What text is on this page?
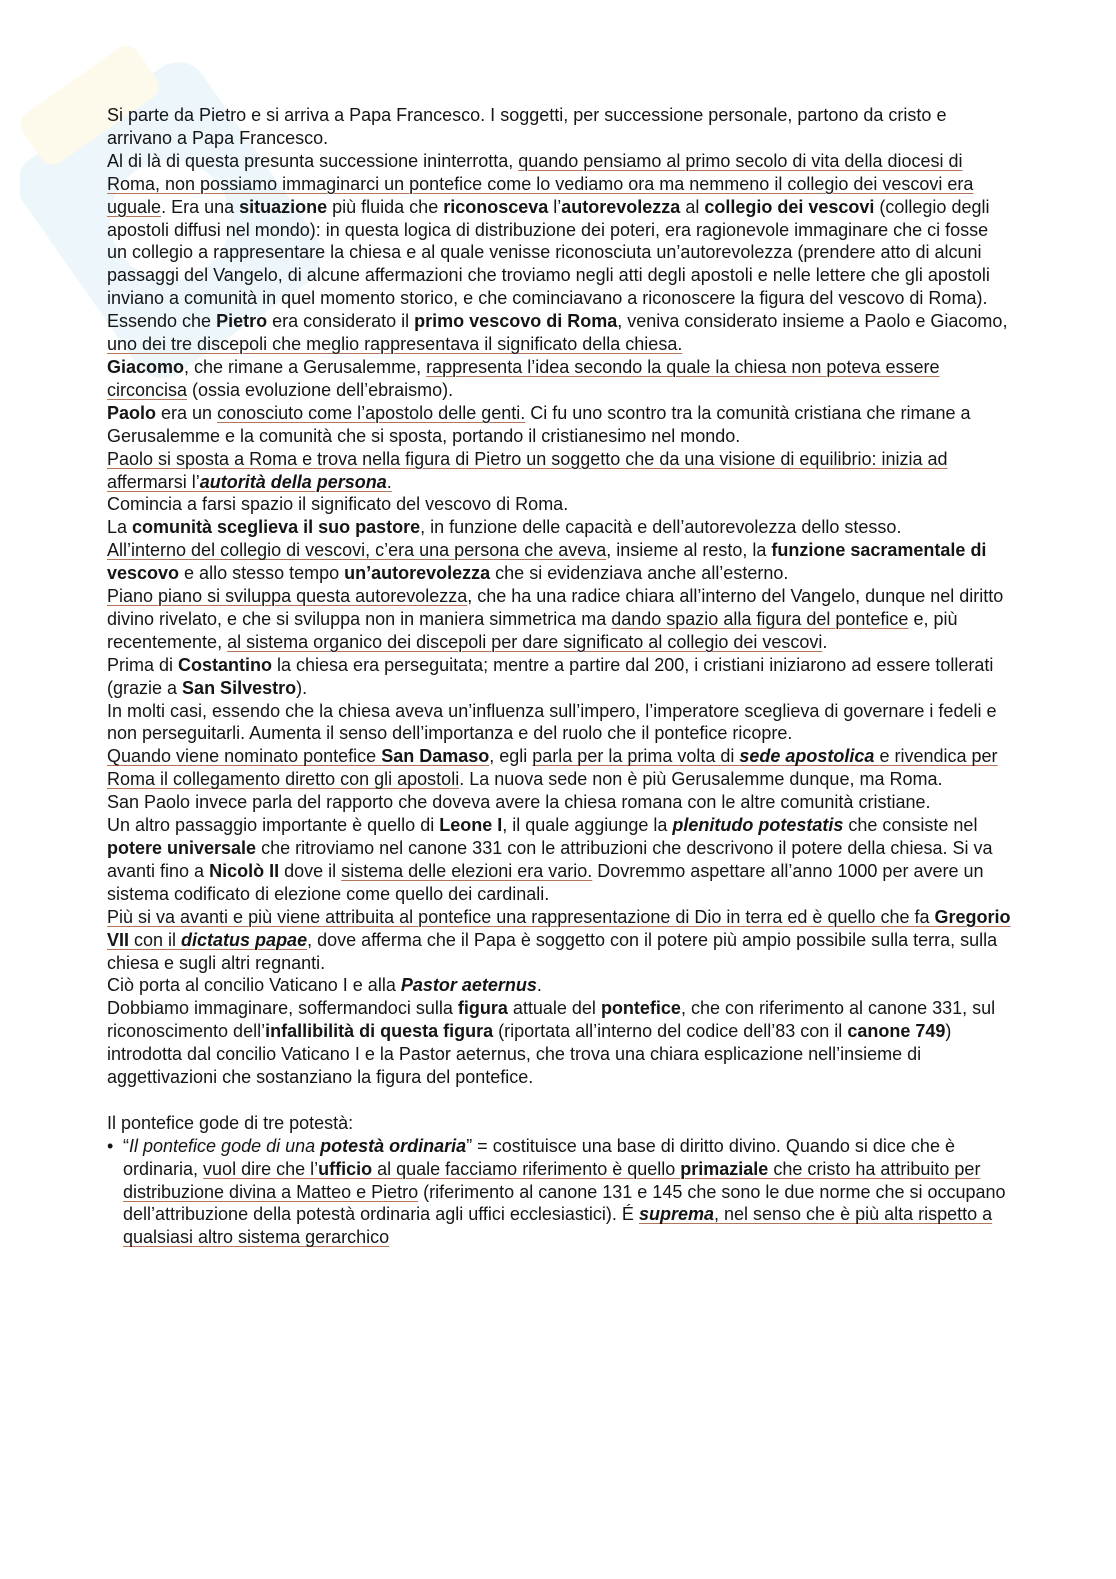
Si parte da Pietro e si arriva a Papa Francesco. I soggetti, per successione personale, partono da cristo e arrivano a Papa Francesco.

Al di là di questa presunta successione ininterrotta, quando pensiamo al primo secolo di vita della diocesi di Roma, non possiamo immaginarci un pontefice come lo vediamo ora ma nemmeno il collegio dei vescovi era uguale. Era una situazione più fluida che riconosceva l’autorevolezza al collegio dei vescovi (collegio degli apostoli diffusi nel mondo): in questa logica di distribuzione dei poteri, era ragionevole immaginare che ci fosse un collegio a rappresentare la chiesa e al quale venisse riconosciuta un’autorevolezza (prendere atto di alcuni passaggi del Vangelo, di alcune affermazioni che troviamo negli atti degli apostoli e nelle lettere che gli apostoli inviano a comunità in quel momento storico, e che cominciavano a riconoscere la figura del vescovo di Roma).

Essendo che Pietro era considerato il primo vescovo di Roma, veniva considerato insieme a Paolo e Giacomo, uno dei tre discepoli che meglio rappresentava il significato della chiesa.

Giacomo, che rimane a Gerusalemme, rappresenta l’idea secondo la quale la chiesa non poteva essere circoncisa (ossia evoluzione dell’ebraismo).

Paolo era un conosciuto come l’apostolo delle genti. Ci fu uno scontro tra la comunità cristiana che rimane a Gerusalemme e la comunità che si sposta, portando il cristianesimo nel mondo.

Paolo si sposta a Roma e trova nella figura di Pietro un soggetto che da una visione di equilibrio: inizia ad affermarsi l’autorità della persona.

Comincia a farsi spazio il significato del vescovo di Roma.

La comunità sceglieva il suo pastore, in funzione delle capacità e dell’autorevolezza dello stesso.

All’interno del collegio di vescovi, c’era una persona che aveva, insieme al resto, la funzione sacramentale di vescovo e allo stesso tempo un’autorevolezza che si evidenziava anche all’esterno.

Piano piano si sviluppa questa autorevolezza, che ha una radice chiara all’interno del Vangelo, dunque nel diritto divino rivelato, e che si sviluppa non in maniera simmetrica ma dando spazio alla figura del pontefice e, più recentemente, al sistema organico dei discepoli per dare significato al collegio dei vescovi.

Prima di Costantino la chiesa era perseguitata; mentre a partire dal 200, i cristiani iniziarono ad essere tollerati (grazie a San Silvestro).

In molti casi, essendo che la chiesa aveva un’influenza sull’impero, l’imperatore sceglieva di governare i fedeli e non perseguitarli. Aumenta il senso dell’importanza e del ruolo che il pontefice ricopre.

Quando viene nominato pontefice San Damaso, egli parla per la prima volta di sede apostolica e rivendica per Roma il collegamento diretto con gli apostoli. La nuova sede non è più Gerusalemme dunque, ma Roma.

San Paolo invece parla del rapporto che doveva avere la chiesa romana con le altre comunità cristiane.

Un altro passaggio importante è quello di Leone I, il quale aggiunge la plenitudo potestatis che consiste nel potere universale che ritroviamo nel canone 331 con le attribuzioni che descrivono il potere della chiesa. Si va avanti fino a Nicolò II dove il sistema delle elezioni era vario. Dovremmo aspettare all’anno 1000 per avere un sistema codificato di elezione come quello dei cardinali.

Più si va avanti e più viene attribuita al pontefice una rappresentazione di Dio in terra ed è quello che fa Gregorio VII con il dictatus papae, dove afferma che il Papa è soggetto con il potere più ampio possibile sulla terra, sulla chiesa e sugli altri regnanti.

Ciò porta al concilio Vaticano I e alla Pastor aeternus.

Dobbiamo immaginare, soffermandoci sulla figura attuale del pontefice, che con riferimento al canone 331, sul riconoscimento dell’infallibilità di questa figura (riportata all’interno del codice dell’83 con il canone 749) introdotta dal concilio Vaticano I e la Pastor aeternus, che trova una chiara esplicazione nell’insieme di aggettivazioni che sostanziano la figura del pontefice.

Il pontefice gode di tre potestà:

• “Il pontefice gode di una potestà ordinaria” = costituisce una base di diritto divino. Quando si dice che è ordinaria, vuol dire che l’ufficio al quale facciamo riferimento è quello primaziale che cristo ha attribuito per distribuzione divina a Matteo e Pietro (riferimento al canone 131 e 145 che sono le due norme che si occupano dell’attribuzione della potestà ordinaria agli uffici ecclesiastici). É suprema, nel senso che è più alta rispetto a qualsiasi altro sistema gerarchico
